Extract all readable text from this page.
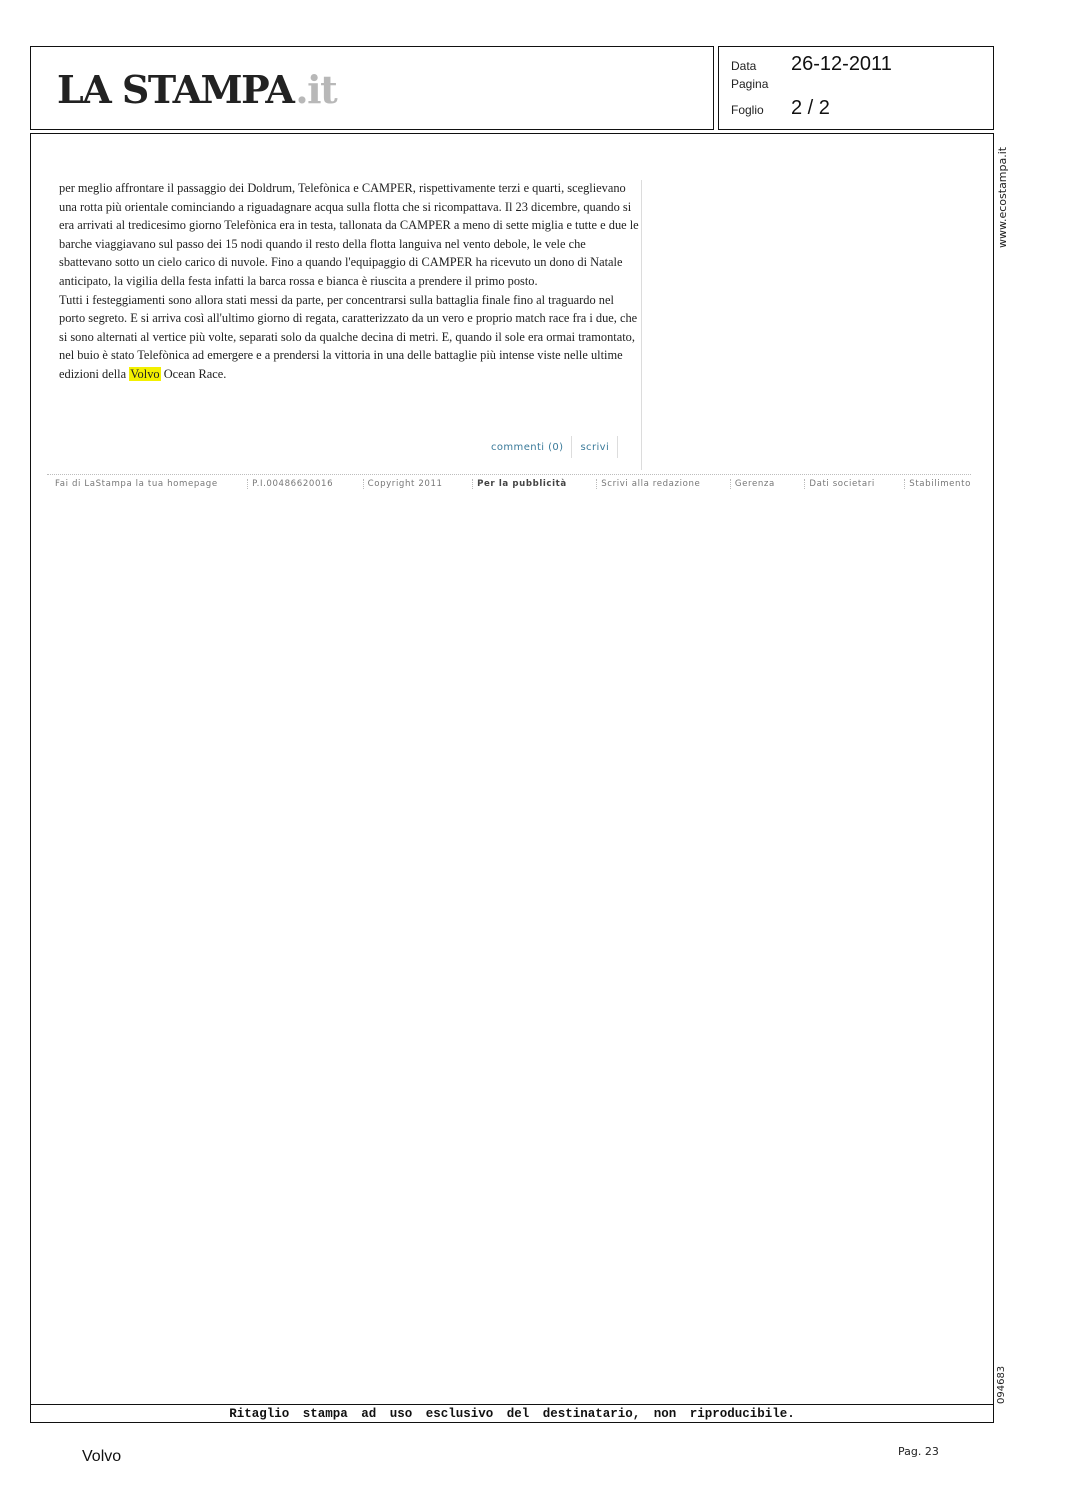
LA STAMPA.it
Data	26-12-2011
Pagina
Foglio	2 / 2

per meglio affrontare il passaggio dei Doldrum, Telefònica e CAMPER, rispettivamente terzi e quarti, sceglievano una rotta più orientale cominciando a riguadagnare acqua sulla flotta che si ricompattava. Il 23 dicembre, quando si era arrivati al tredicesimo giorno Telefònica era in testa, tallonata da CAMPER a meno di sette miglia e tutte e due le barche viaggiavano sul passo dei 15 nodi quando il resto della flotta languiva nel vento debole, le vele che sbattevano sotto un cielo carico di nuvole. Fino a quando l'equipaggio di CAMPER ha ricevuto un dono di Natale anticipato, la vigilia della festa infatti la barca rossa e bianca è riuscita a prendere il primo posto.

Tutti i festeggiamenti sono allora stati messi da parte, per concentrarsi sulla battaglia finale fino al traguardo nel porto segreto. E si arriva così all'ultimo giorno di regata, caratterizzato da un vero e proprio match race fra i due, che si sono alternati al vertice più volte, separati solo da qualche decina di metri. E, quando il sole era ormai tramontato, nel buio è stato Telefònica ad emergere e a prendersi la vittoria in una delle battaglie più intense viste nelle ultime edizioni della Volvo Ocean Race.

commenti (0) scrivi
Fai di LaStampa la tua homepage	P.I.00486620016	Copyright 2011	Per la pubblicità	Scrivi alla redazione	Gerenza	Dati societari	Stabilimento
Ritaglio stampa ad uso esclusivo del destinatario, non riproducibile.
www.ecostampa.it
094683
Volvo	Pag. 23
